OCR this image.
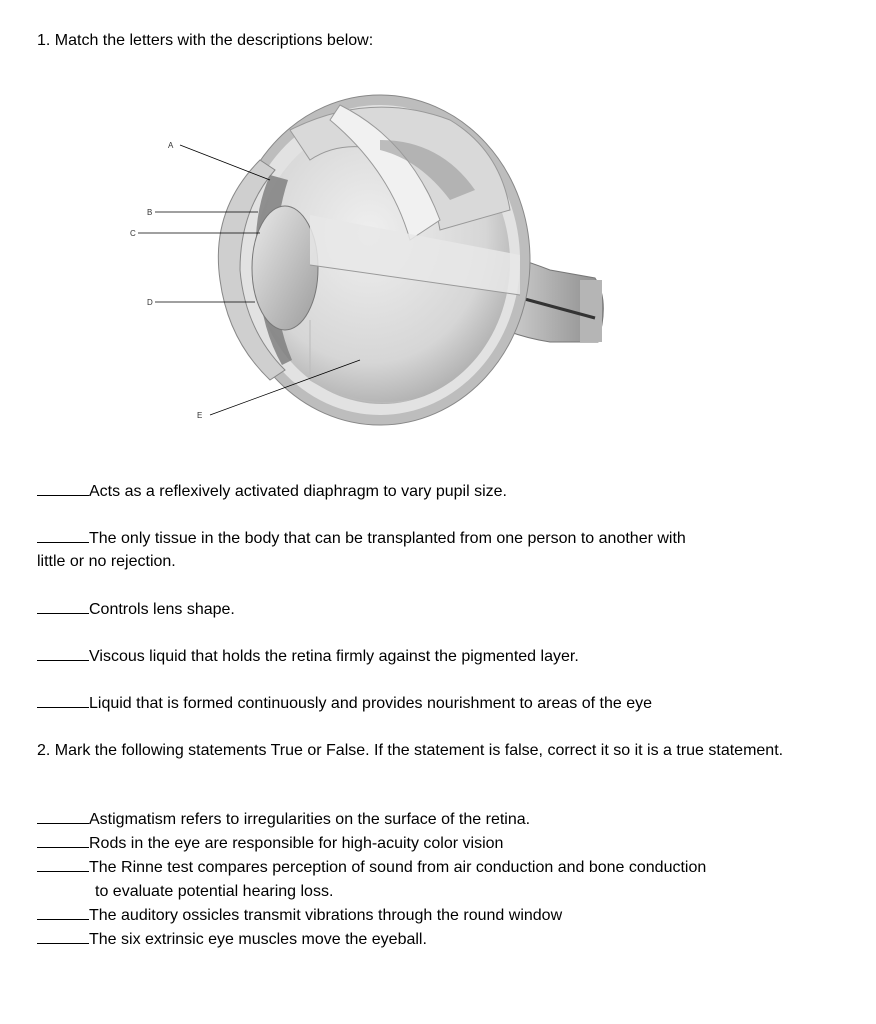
1. Match the letters with the descriptions below:
A
B
C
D
E
Acts as a reflexively activated diaphragm to vary pupil size.
The only tissue in the body that can be transplanted from one person to another with
little or no rejection.
Controls lens shape.
Viscous liquid that holds the retina firmly against the pigmented layer.
Liquid that is formed continuously and provides nourishment to areas of the eye
2. Mark the following statements True or False. If the statement is false, correct it so it is a true statement.
Astigmatism refers to irregularities on the surface of the retina.
Rods in the eye are responsible for high-acuity color vision
The Rinne test compares perception of sound from air conduction and bone conduction
to evaluate potential hearing loss.
The auditory ossicles transmit vibrations through the round window
The six extrinsic eye muscles move the eyeball.
